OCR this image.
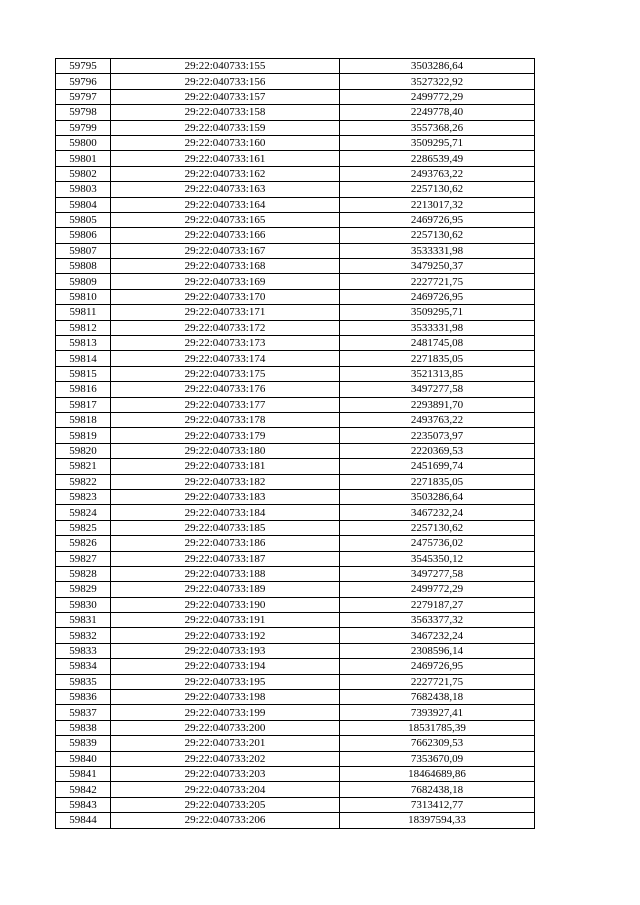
59795	29:22:040733:155	3503286,64
59796	29:22:040733:156	3527322,92
59797	29:22:040733:157	2499772,29
59798	29:22:040733:158	2249778,40
59799	29:22:040733:159	3557368,26
59800	29:22:040733:160	3509295,71
59801	29:22:040733:161	2286539,49
59802	29:22:040733:162	2493763,22
59803	29:22:040733:163	2257130,62
59804	29:22:040733:164	2213017,32
59805	29:22:040733:165	2469726,95
59806	29:22:040733:166	2257130,62
59807	29:22:040733:167	3533331,98
59808	29:22:040733:168	3479250,37
59809	29:22:040733:169	2227721,75
59810	29:22:040733:170	2469726,95
59811	29:22:040733:171	3509295,71
59812	29:22:040733:172	3533331,98
59813	29:22:040733:173	2481745,08
59814	29:22:040733:174	2271835,05
59815	29:22:040733:175	3521313,85
59816	29:22:040733:176	3497277,58
59817	29:22:040733:177	2293891,70
59818	29:22:040733:178	2493763,22
59819	29:22:040733:179	2235073,97
59820	29:22:040733:180	2220369,53
59821	29:22:040733:181	2451699,74
59822	29:22:040733:182	2271835,05
59823	29:22:040733:183	3503286,64
59824	29:22:040733:184	3467232,24
59825	29:22:040733:185	2257130,62
59826	29:22:040733:186	2475736,02
59827	29:22:040733:187	3545350,12
59828	29:22:040733:188	3497277,58
59829	29:22:040733:189	2499772,29
59830	29:22:040733:190	2279187,27
59831	29:22:040733:191	3563377,32
59832	29:22:040733:192	3467232,24
59833	29:22:040733:193	2308596,14
59834	29:22:040733:194	2469726,95
59835	29:22:040733:195	2227721,75
59836	29:22:040733:198	7682438,18
59837	29:22:040733:199	7393927,41
59838	29:22:040733:200	18531785,39
59839	29:22:040733:201	7662309,53
59840	29:22:040733:202	7353670,09
59841	29:22:040733:203	18464689,86
59842	29:22:040733:204	7682438,18
59843	29:22:040733:205	7313412,77
59844	29:22:040733:206	18397594,33
